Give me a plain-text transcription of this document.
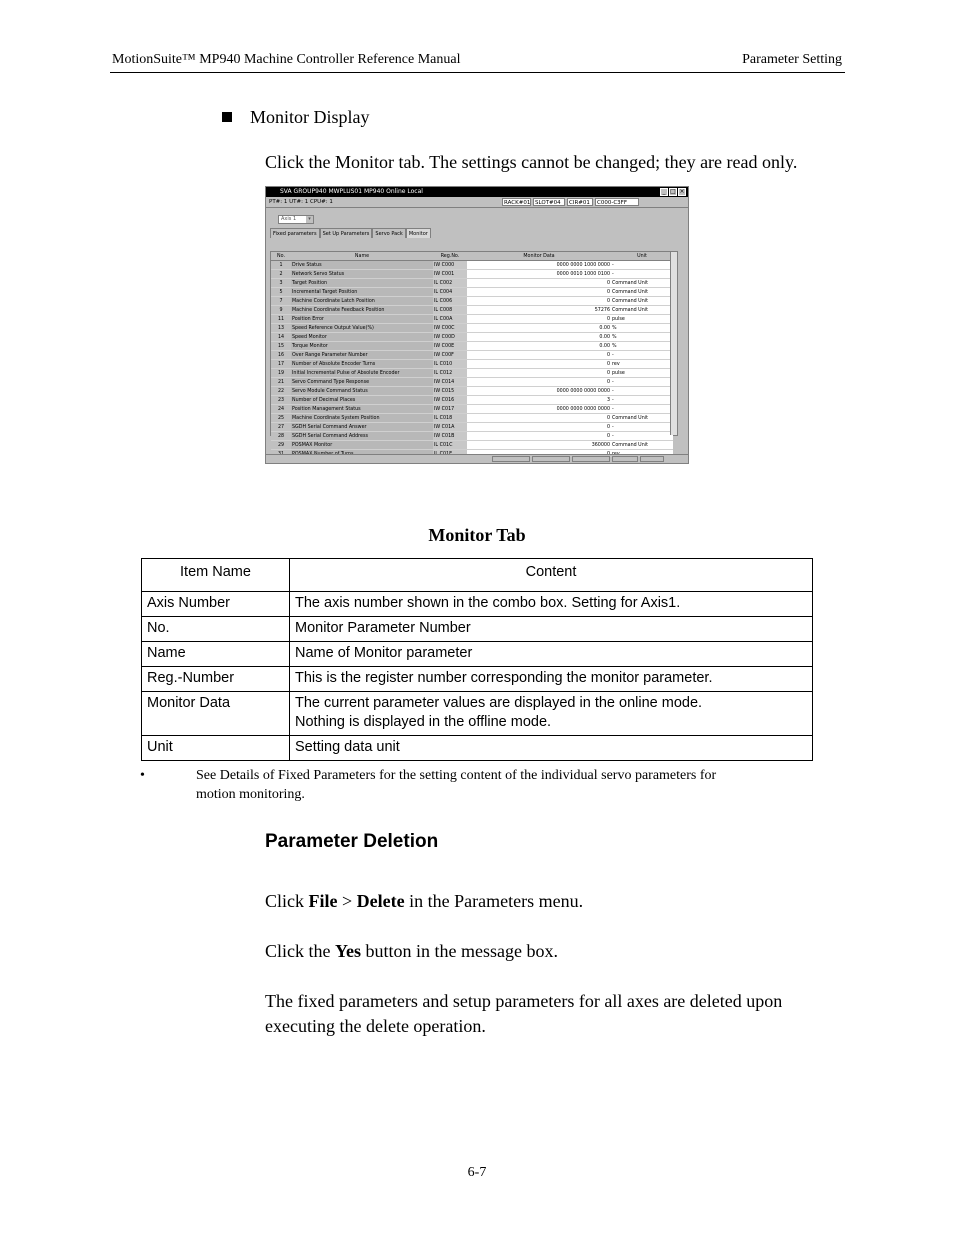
MotionSuite™ MP940 Machine Controller Reference Manual	Parameter Setting
Monitor Display
Click the Monitor tab. The settings cannot be changed; they are read only.
SVA GROUP940 MWPLUS01 MP940 Online Local	_ □ ×
PT#: 1 UT#: 1 CPU#: 1	RACK#01 SLOT#04	CIR#01	C000-C3FF
Axis 1	▾
Fixed parameters	Set Up Parameters	Servo Pack	Monitor
No.	Name	Reg.No.	Monitor Data	Unit
1	Drive Status	IW C000	0000 0000 1000 0000	-
2	Network Servo Status	IW C001	0000 0010 1000 0100	-
3	Target Position	IL C002	0	Command Unit
5	Incremental Target Position	IL C004	0	Command Unit
7	Machine Coordinate Latch Position	IL C006	0	Command Unit
9	Machine Coordinate Feedback Position	IL C008	57276	Command Unit
11	Position Error	IL C00A	0	pulse
13	Speed Reference Output Value(%)	IW C00C	0.00	%
14	Speed Monitor	IW C00D	0.00	%
15	Torque Monitor	IW C00E	0.00	%
16	Over Range Parameter Number	IW C00F	0	-
17	Number of Absolute Encoder Turns	IL C010	0	rev
19	Initial Incremental Pulse of Absolute Encoder	IL C012	0	pulse
21	Servo Command Type Response	IW C014	0	-
22	Servo Module Command Status	IW C015	0000 0000 0000 0000	-
23	Number of Decimal Places	IW C016	3	-
24	Position Management Status	IW C017	0000 0000 0000 0000	-
25	Machine Coordinate System Position	IL C018	0	Command Unit
27	SGDH Serial Command Answer	IW C01A	0	-
28	SGDH Serial Command Address	IW C01B	0	-
29	POSMAX Monitor	IL C01C	360000	Command Unit

Monitor Tab
Item Name	Content
Axis Number	The axis number shown in the combo box. Setting for Axis1.
No.	Monitor Parameter Number
Name	Name of Monitor parameter
Reg.-Number	This is the register number corresponding the monitor parameter.
Monitor Data	The current parameter values are displayed in the online mode.
Nothing is displayed in the offline mode.

Unit	Setting data unit
•	See Details of Fixed Parameters for the setting content of the individual servo parameters for
motion monitoring.
Parameter Deletion
Click File > Delete in the Parameters menu.
Click the Yes button in the message box.
The fixed parameters and setup parameters for all axes are deleted upon
executing the delete operation.
6-7
